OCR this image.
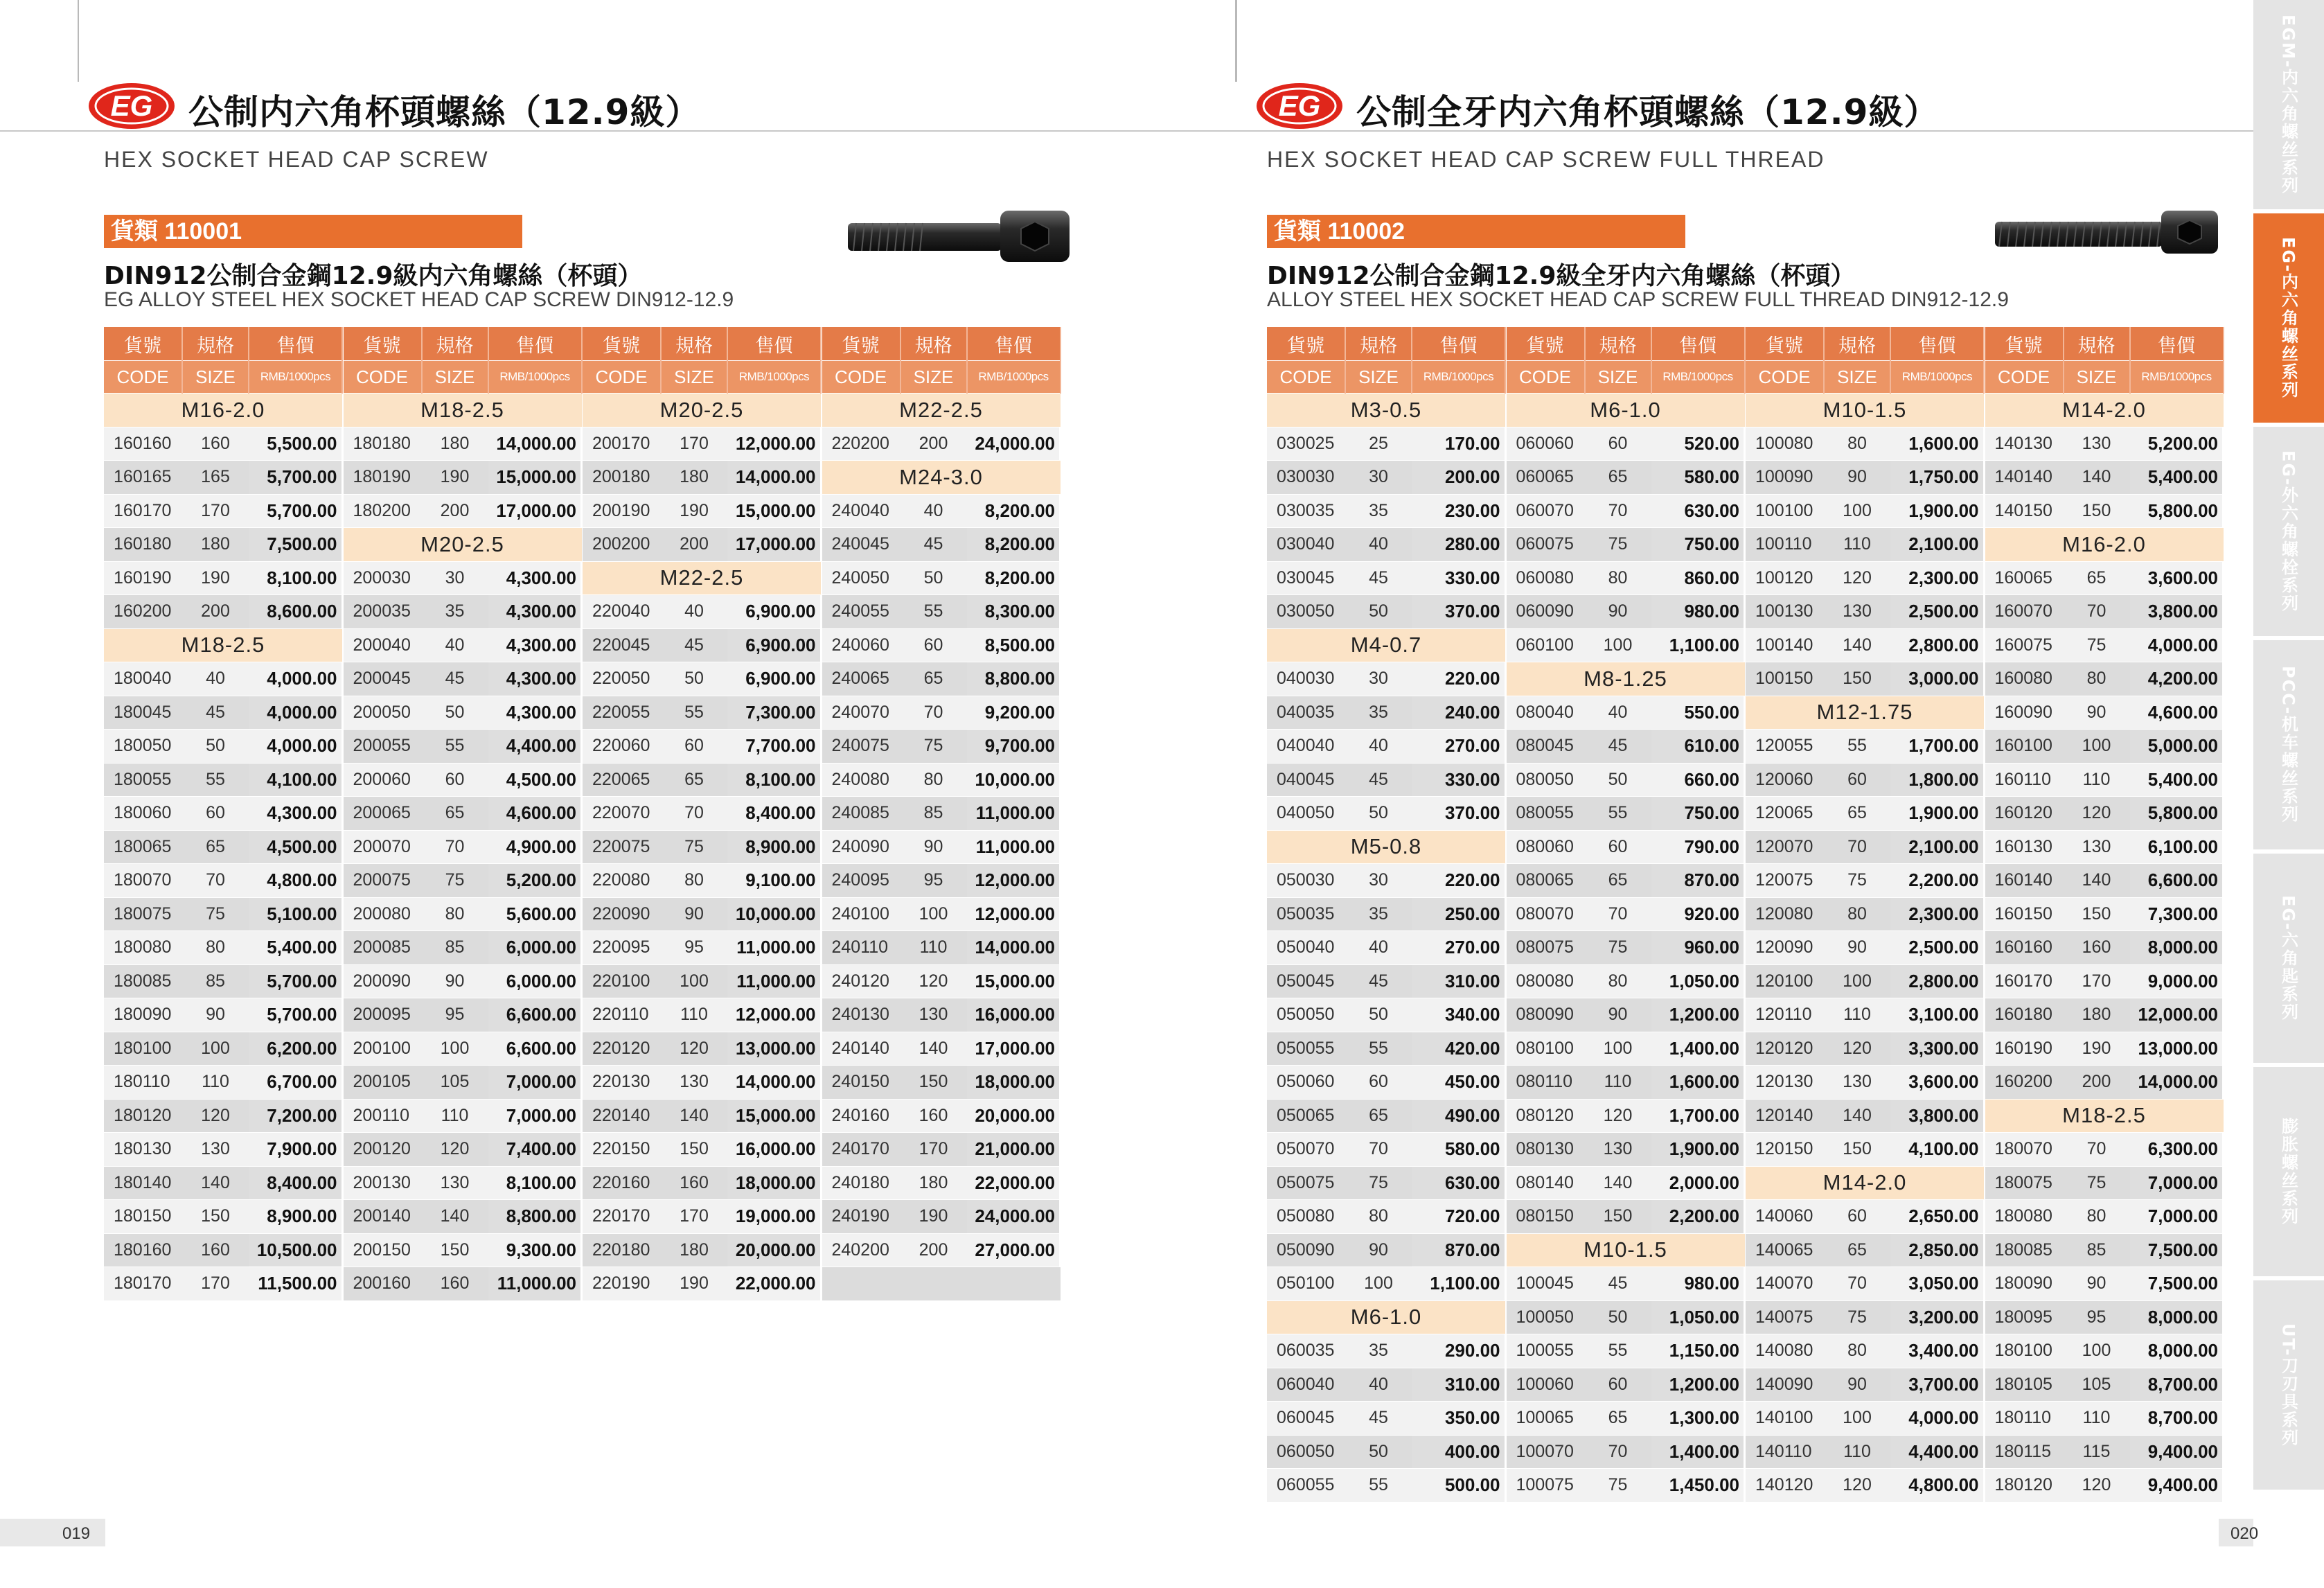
EG 公制内六角杯頭螺絲（12.9級）
HEX SOCKET HEAD CAP SCREW
貨類 110001
DIN912公制合金鋼12.9級内六角螺絲（杯頭）
EG ALLOY STEEL HEX SOCKET HEAD CAP SCREW DIN912-12.9
貨號	規格	售價
CODE	SIZE	RMB/1000pcs
M16-2.0		
160160	160	5,500.00
160165	165	5,700.00
160170	170	5,700.00
160180	180	7,500.00
160190	190	8,100.00
160200	200	8,600.00
M18-2.5		
180040	40	4,000.00
180045	45	4,000.00
180050	50	4,000.00
180055	55	4,100.00
180060	60	4,300.00
180065	65	4,500.00
180070	70	4,800.00
180075	75	5,100.00
180080	80	5,400.00
180085	85	5,700.00
180090	90	5,700.00
180100	100	6,200.00
180110	110	6,700.00
180120	120	7,200.00
180130	130	7,900.00
180140	140	8,400.00
180150	150	8,900.00
180160	160	10,500.00
180170	170	11,500.00
貨號	規格	售價
CODE	SIZE	RMB/1000pcs
M18-2.5		
180180	180	14,000.00
180190	190	15,000.00
180200	200	17,000.00
M20-2.5		
200030	30	4,300.00
200035	35	4,300.00
200040	40	4,300.00
200045	45	4,300.00
200050	50	4,300.00
200055	55	4,400.00
200060	60	4,500.00
200065	65	4,600.00
200070	70	4,900.00
200075	75	5,200.00
200080	80	5,600.00
200085	85	6,000.00
200090	90	6,000.00
200095	95	6,600.00
200100	100	6,600.00
200105	105	7,000.00
200110	110	7,000.00
200120	120	7,400.00
200130	130	8,100.00
200140	140	8,800.00
200150	150	9,300.00
200160	160	11,000.00
貨號	規格	售價
CODE	SIZE	RMB/1000pcs
M20-2.5		
200170	170	12,000.00
200180	180	14,000.00
200190	190	15,000.00
200200	200	17,000.00
M22-2.5		
220040	40	6,900.00
220045	45	6,900.00
220050	50	6,900.00
220055	55	7,300.00
220060	60	7,700.00
220065	65	8,100.00
220070	70	8,400.00
220075	75	8,900.00
220080	80	9,100.00
220090	90	10,000.00
220095	95	11,000.00
220100	100	11,000.00
220110	110	12,000.00
220120	120	13,000.00
220130	130	14,000.00
220140	140	15,000.00
220150	150	16,000.00
220160	160	18,000.00
220170	170	19,000.00
220180	180	20,000.00
220190	190	22,000.00
貨號	規格	售價
CODE	SIZE	RMB/1000pcs
M22-2.5		
220200	200	24,000.00
M24-3.0		
240040	40	8,200.00
240045	45	8,200.00
240050	50	8,200.00
240055	55	8,300.00
240060	60	8,500.00
240065	65	8,800.00
240070	70	9,200.00
240075	75	9,700.00
240080	80	10,000.00
240085	85	11,000.00
240090	90	11,000.00
240095	95	12,000.00
240100	100	12,000.00
240110	110	14,000.00
240120	120	15,000.00
240130	130	16,000.00
240140	140	17,000.00
240150	150	18,000.00
240160	160	20,000.00
240170	170	21,000.00
240180	180	22,000.00
240190	190	24,000.00
240200	200	27,000.00

019
EG 公制全牙内六角杯頭螺絲（12.9級）
HEX SOCKET HEAD CAP SCREW FULL THREAD
貨類 110002
DIN912公制合金鋼12.9級全牙内六角螺絲（杯頭）
ALLOY STEEL HEX SOCKET HEAD CAP SCREW FULL THREAD DIN912-12.9
貨號	規格	售價
CODE	SIZE	RMB/1000pcs
M3-0.5		
030025	25	170.00
030030	30	200.00
030035	35	230.00
030040	40	280.00
030045	45	330.00
030050	50	370.00
M4-0.7		
040030	30	220.00
040035	35	240.00
040040	40	270.00
040045	45	330.00
040050	50	370.00
M5-0.8		
050030	30	220.00
050035	35	250.00
050040	40	270.00
050045	45	310.00
050050	50	340.00
050055	55	420.00
050060	60	450.00
050065	65	490.00
050070	70	580.00
050075	75	630.00
050080	80	720.00
050090	90	870.00
050100	100	1,100.00
M6-1.0		
060035	35	290.00
060040	40	310.00
060045	45	350.00
060050	50	400.00
060055	55	500.00
貨號	規格	售價
CODE	SIZE	RMB/1000pcs
M6-1.0		
060060	60	520.00
060065	65	580.00
060070	70	630.00
060075	75	750.00
060080	80	860.00
060090	90	980.00
060100	100	1,100.00
M8-1.25		
080040	40	550.00
080045	45	610.00
080050	50	660.00
080055	55	750.00
080060	60	790.00
080065	65	870.00
080070	70	920.00
080075	75	960.00
080080	80	1,050.00
080090	90	1,200.00
080100	100	1,400.00
080110	110	1,600.00
080120	120	1,700.00
080130	130	1,900.00
080140	140	2,000.00
080150	150	2,200.00
M10-1.5		
100045	45	980.00
100050	50	1,050.00
100055	55	1,150.00
100060	60	1,200.00
100065	65	1,300.00
100070	70	1,400.00
100075	75	1,450.00
貨號	規格	售價
CODE	SIZE	RMB/1000pcs
M10-1.5		
100080	80	1,600.00
100090	90	1,750.00
100100	100	1,900.00
100110	110	2,100.00
100120	120	2,300.00
100130	130	2,500.00
100140	140	2,800.00
100150	150	3,000.00
M12-1.75		
120055	55	1,700.00
120060	60	1,800.00
120065	65	1,900.00
120070	70	2,100.00
120075	75	2,200.00
120080	80	2,300.00
120090	90	2,500.00
120100	100	2,800.00
120110	110	3,100.00
120120	120	3,300.00
120130	130	3,600.00
120140	140	3,800.00
120150	150	4,100.00
M14-2.0		
140060	60	2,650.00
140065	65	2,850.00
140070	70	3,050.00
140075	75	3,200.00
140080	80	3,400.00
140090	90	3,700.00
140100	100	4,000.00
140110	110	4,400.00
140120	120	4,800.00
貨號	規格	售價
CODE	SIZE	RMB/1000pcs
M14-2.0		
140130	130	5,200.00
140140	140	5,400.00
140150	150	5,800.00
M16-2.0		
160065	65	3,600.00
160070	70	3,800.00
160075	75	4,000.00
160080	80	4,200.00
160090	90	4,600.00
160100	100	5,000.00
160110	110	5,400.00
160120	120	5,800.00
160130	130	6,100.00
160140	140	6,600.00
160150	150	7,300.00
160160	160	8,000.00
160170	170	9,000.00
160180	180	12,000.00
160190	190	13,000.00
160200	200	14,000.00
M18-2.5		
180070	70	6,300.00
180075	75	7,000.00
180080	80	7,000.00
180085	85	7,500.00
180090	90	7,500.00
180095	95	8,000.00
180100	100	8,000.00
180105	105	8,700.00
180110	110	8,700.00
180115	115	9,400.00
180120	120	9,400.00
020
EGM-内六角螺丝系列
EG-内六角螺丝系列
EG-外六角螺栓系列
PCC-机车螺丝系列
EG-六角匙系列
膨胀螺丝系列
UT-刀刃具系列
